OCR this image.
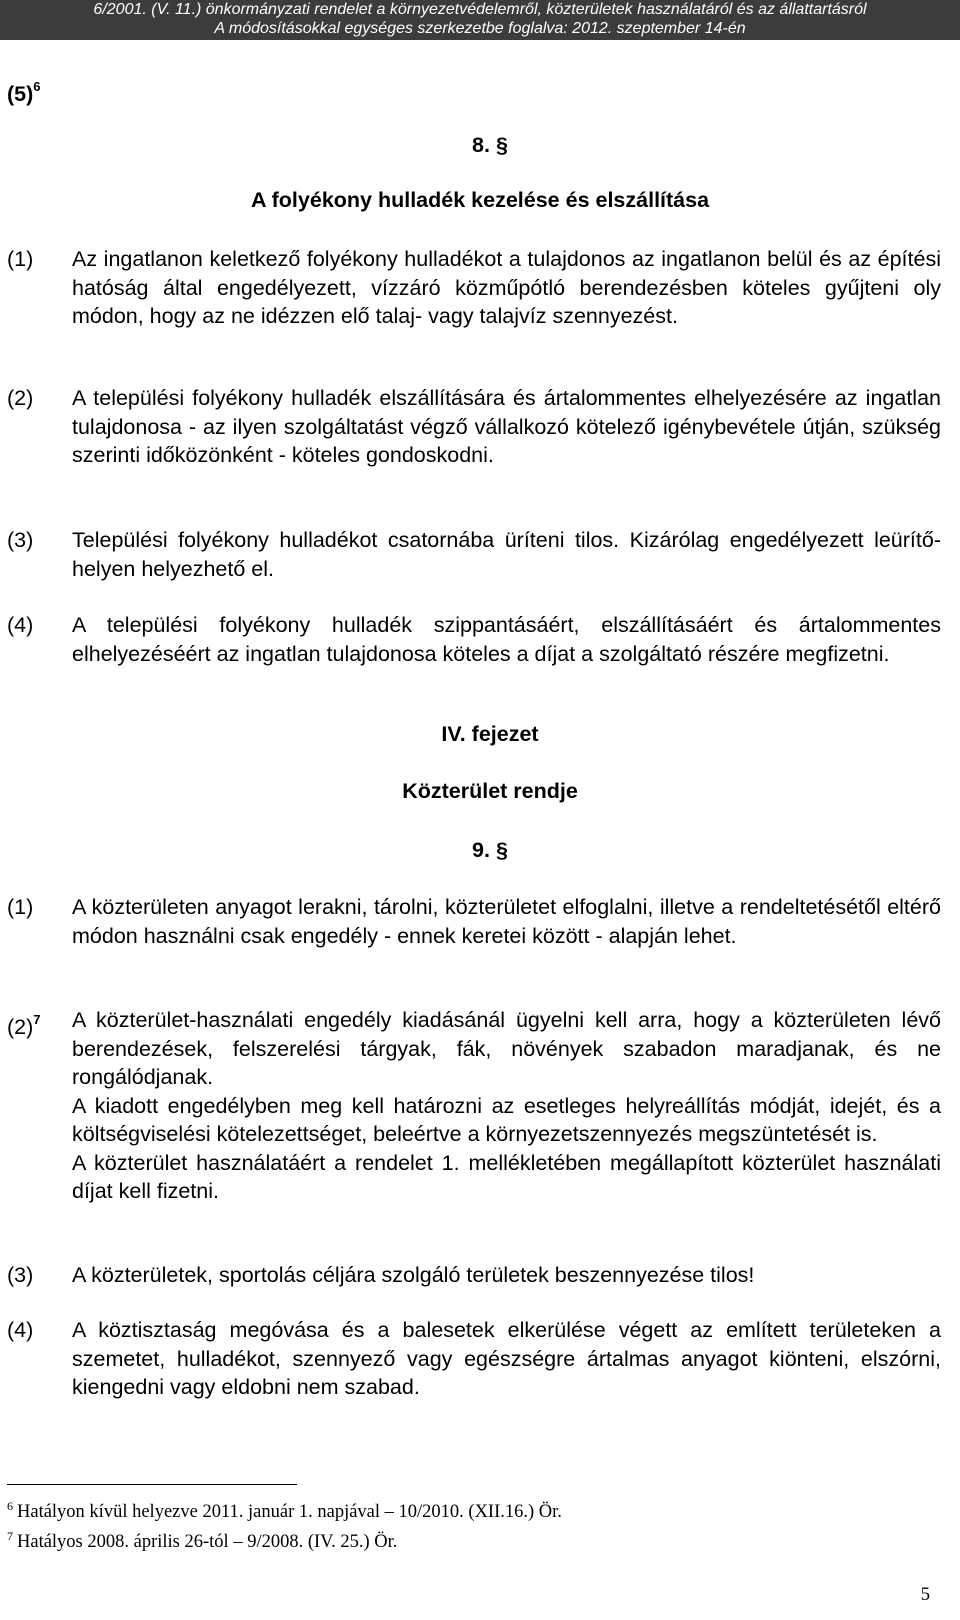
6/2001. (V. 11.) önkormányzati rendelet a környezetvédelemről, közterületek használatáról és az állattartásról
A módosításokkal egységes szerkezetbe foglalva: 2012. szeptember 14-én
$(5)^6$
8. §
A folyékony hulladék kezelése és elszállítása
(1) Az ingatlanon keletkező folyékony hulladékot a tulajdonos az ingatlanon belül és az építési hatóság által engedélyezett, vízzáró közműpótló berendezésben köteles gyűjteni oly módon, hogy az ne idézzen elő talaj- vagy talajvíz szennyezést.
(2) A települési folyékony hulladék elszállítására és ártalommentes elhelyezésére az ingatlan tulajdonosa - az ilyen szolgáltatást végző vállalkozó kötelező igénybevétele útján, szükség szerinti időközönként - köteles gondoskodni.
(3) Települési folyékony hulladékot csatornába üríteni tilos. Kizárólag engedélyezett leürítő-helyen helyezhető el.
(4) A települési folyékony hulladék szippantásáért, elszállításáért és ártalommentes elhelyezéséért az ingatlan tulajdonosa köteles a díjat a szolgáltató részére megfizetni.
IV. fejezet
Közterület rendje
9. §
(1) A közterületen anyagot lerakni, tárolni, közterületet elfoglalni, illetve a rendeltetésétől eltérő módon használni csak engedély - ennek keretei között - alapján lehet.
$(2)^7$ A közterület-használati engedély kiadásánál ügyelni kell arra, hogy a közterületen lévő berendezések, felszerelési tárgyak, fák, növények szabadon maradjanak, és ne rongálódjanak.

A kiadott engedélyben meg kell határozni az esetleges helyreállítás módját, idejét, és a költségviselési kötelezettséget, beleértve a környezetszennyezés megszüntetését is.

A közterület használatáért a rendelet 1. mellékletében megállapított közterület használati díjat kell fizetni.

(3) A közterületek, sportolás céljára szolgáló területek beszennyezése tilos!
(4) A köztisztaság megóvása és a balesetek elkerülése végett az említett területeken a szemetet, hulladékot, szennyező vagy egészségre ártalmas anyagot kiönteni, elszórni, kiengedni vagy eldobni nem szabad.
$^6$ Hatályon kívül helyezve 2011. január 1. napjával – 10/2010. (XII.16.) Ör.
$^7$ Hatályos 2008. április 26-tól – 9/2008. (IV. 25.) Ör.
5
